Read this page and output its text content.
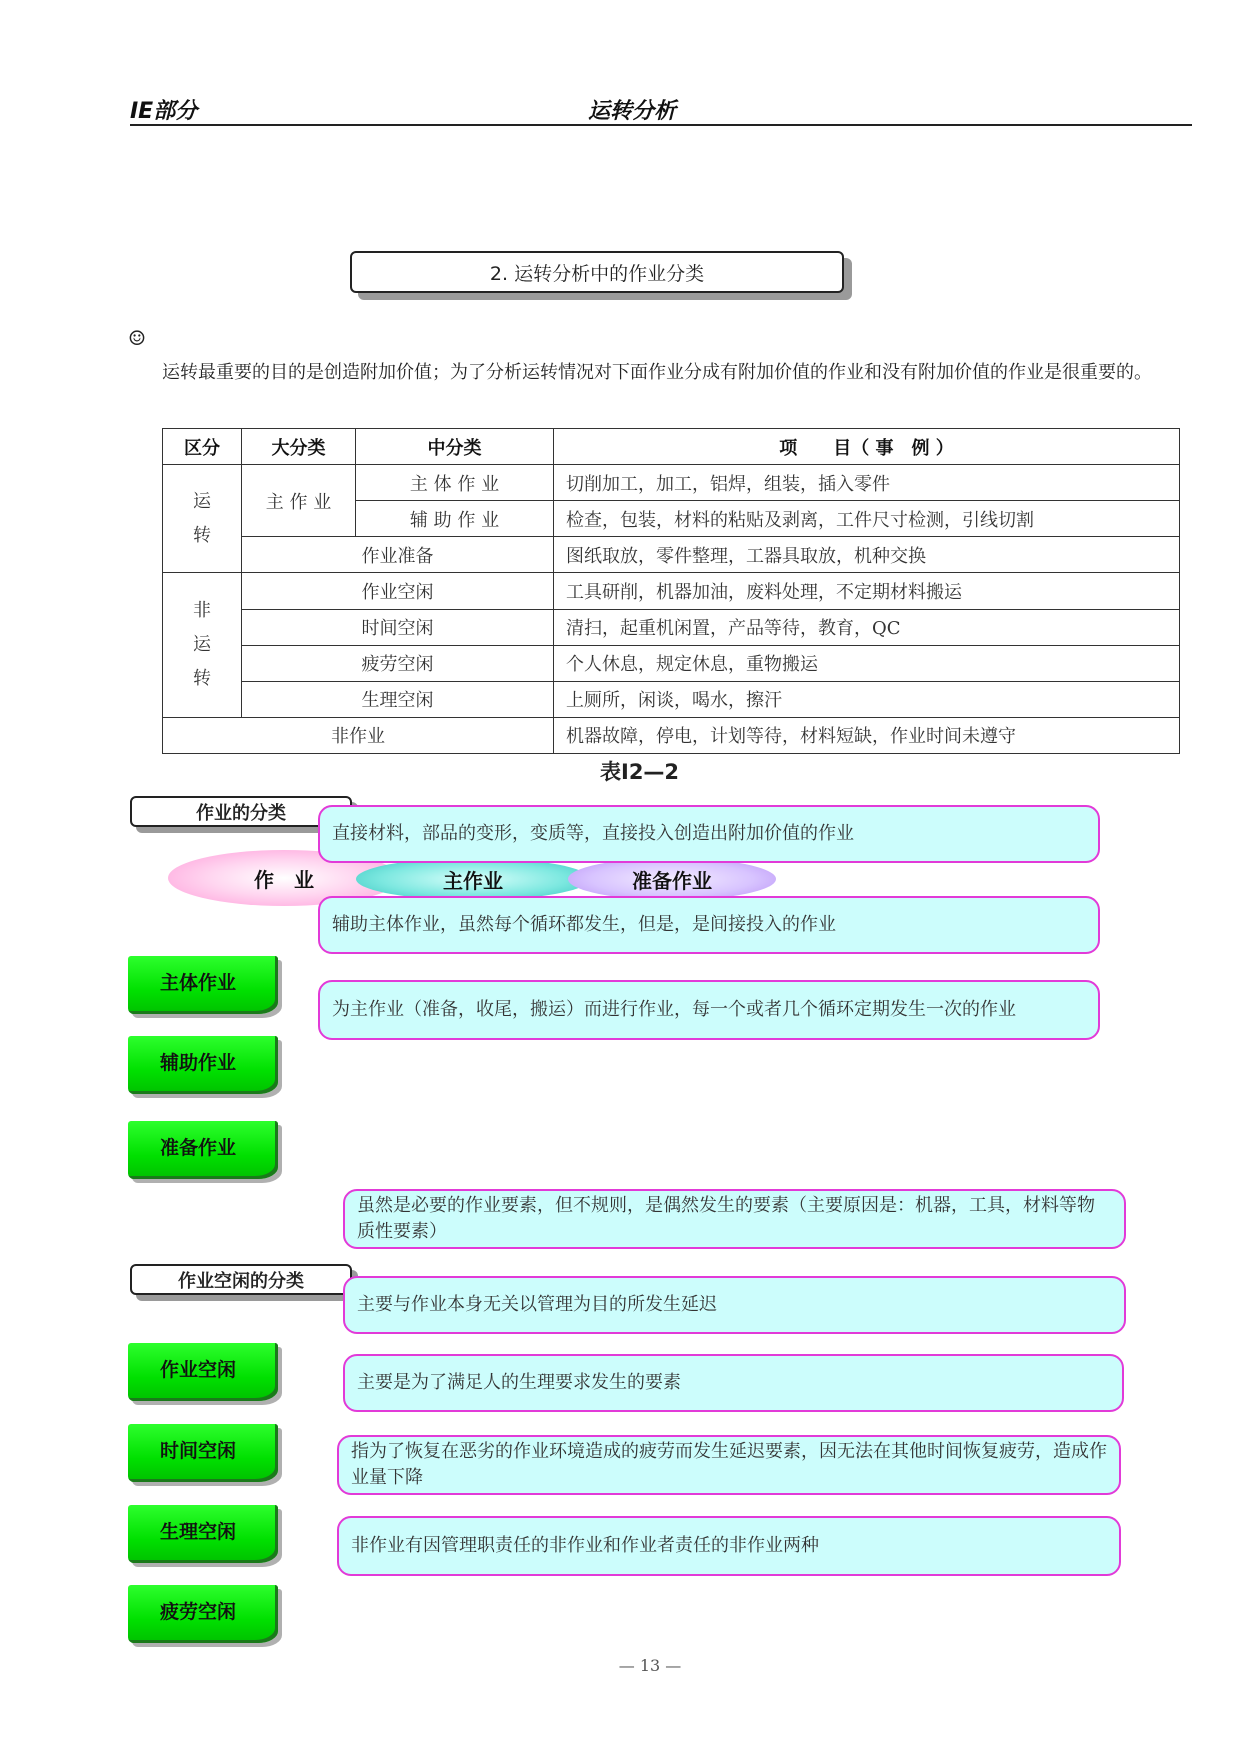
IE部分	运转分析
2. 运转分析中的作业分类
☺
运转最重要的目的是创造附加价值；为了分析运转情况对下面作业分成有附加价值的作业和没有附加价值的作业是很重要的。
区分	大分类	中分类	项　　目（ 事　例 ）
运转	主 作 业	主 体 作 业	切削加工，加工，铝焊，组装，插入零件
		辅 助 作 业	检查，包装，材料的粘贴及剥离，工件尺寸检测，引线切割
	作业准备		图纸取放，零件整理，工器具取放，机种交换
非运转	作业空闲		工具研削，机器加油，废料处理，不定期材料搬运
	时间空闲		清扫，起重机闲置，产品等待，教育，QC
	疲劳空闲		个人休息，规定休息，重物搬运
	生理空闲		上厕所，闲谈，喝水，擦汗
非作业			机器故障，停电，计划等待，材料短缺，作业时间未遵守
表I2—2
作业的分类
作　业	主作业	准备作业
直接材料，部品的变形，变质等，直接投入创造出附加价值的作业
辅助主体作业，虽然每个循环都发生，但是，是间接投入的作业
为主作业（准备，收尾，搬运）而进行作业，每一个或者几个循环定期发生一次的作业
主体作业
辅助作业
准备作业
虽然是必要的作业要素，但不规则，是偶然发生的要素（主要原因是：机器，工具，材料等物质性要素）
作业空闲的分类
主要与作业本身无关以管理为目的所发生延迟
主要是为了满足人的生理要求发生的要素
指为了恢复在恶劣的作业环境造成的疲劳而发生延迟要素，因无法在其他时间恢复疲劳，造成作业量下降
非作业有因管理职责任的非作业和作业者责任的非作业两种
作业空闲
时间空闲
生理空闲
疲劳空闲
— 13 —
